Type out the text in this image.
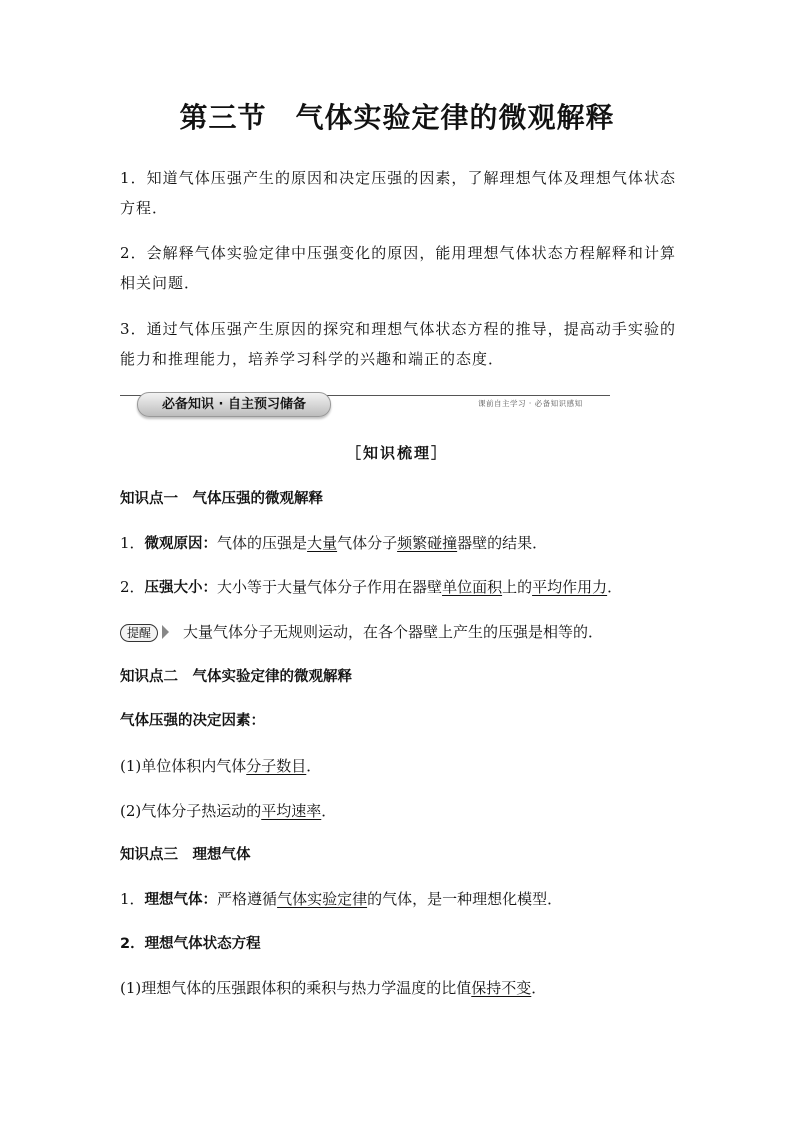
第三节　气体实验定律的微观解释
1．知道气体压强产生的原因和决定压强的因素，了解理想气体及理想气体状态方程．
2．会解释气体实验定律中压强变化的原因，能用理想气体状态方程解释和计算相关问题．
3．通过气体压强产生原因的探究和理想气体状态方程的推导，提高动手实验的能力和推理能力，培养学习科学的兴趣和端正的态度．
必备知识 · 自主预习储备	课前自主学习 · 必备知识感知
［知识梳理］
知识点一　气体压强的微观解释
1．微观原因：气体的压强是大量气体分子频繁碰撞器壁的结果．
2．压强大小：大小等于大量气体分子作用在器壁单位面积上的平均作用力．
提醒 大量气体分子无规则运动，在各个器壁上产生的压强是相等的．
知识点二　气体实验定律的微观解释
气体压强的决定因素：
(1)单位体积内气体分子数目．
(2)气体分子热运动的平均速率．
知识点三　理想气体
1．理想气体：严格遵循气体实验定律的气体，是一种理想化模型．
2．理想气体状态方程
(1)理想气体的压强跟体积的乘积与热力学温度的比值保持不变．
